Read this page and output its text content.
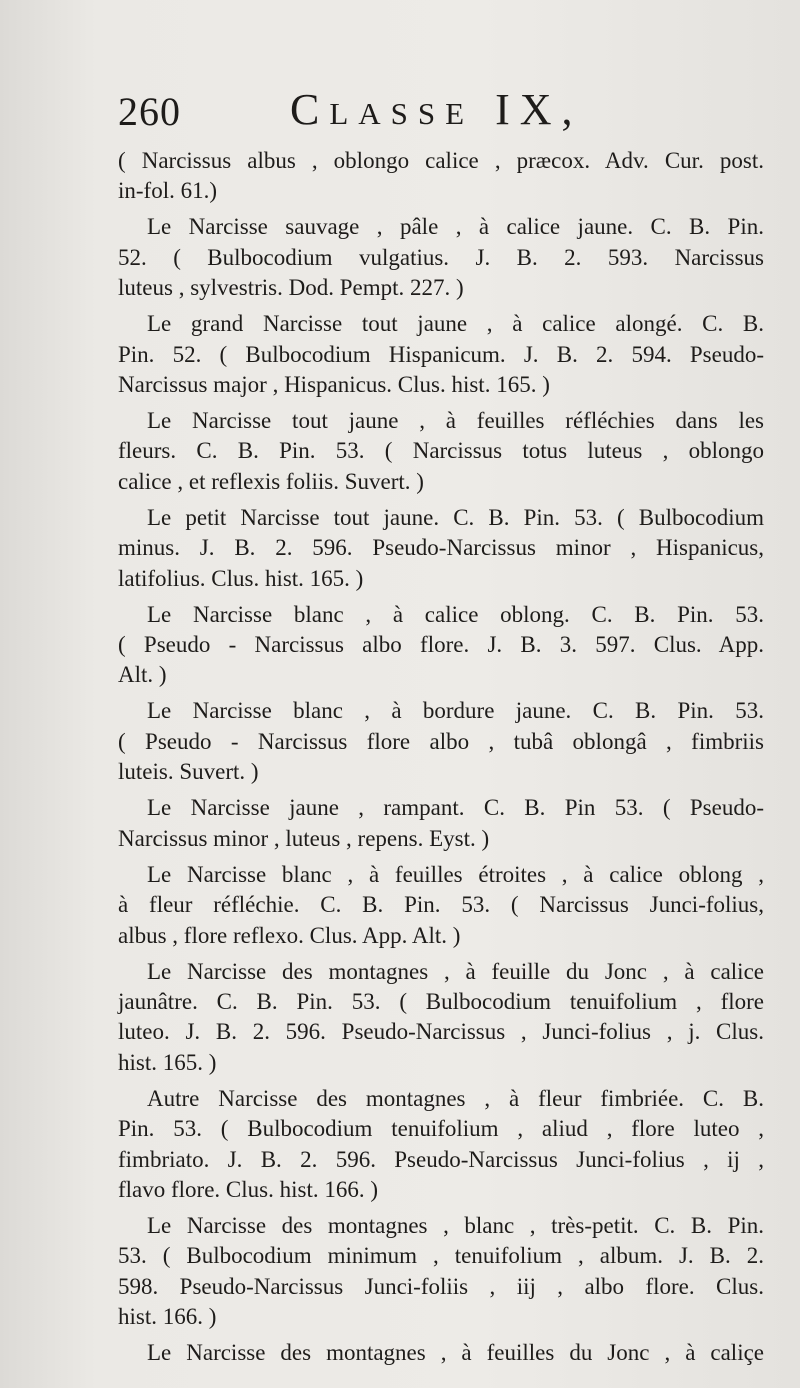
260 Classe IX,
( Narcissus albus , oblongo calice , præcox. Adv. Cur. post.
in-fol. 61.)
Le Narcisse sauvage , pâle , à calice jaune. C. B. Pin.
52. ( Bulbocodium vulgatius. J. B. 2. 593. Narcissus
luteus , sylvestris. Dod. Pempt. 227. )
Le grand Narcisse tout jaune , à calice alongé. C. B.
Pin. 52. ( Bulbocodium Hispanicum. J. B. 2. 594. Pseudo-
Narcissus major , Hispanicus. Clus. hist. 165. )
Le Narcisse tout jaune , à feuilles réfléchies dans les
fleurs. C. B. Pin. 53. ( Narcissus totus luteus , oblongo
calice , et reflexis foliis. Suvert. )
Le petit Narcisse tout jaune. C. B. Pin. 53. ( Bulbocodium
minus. J. B. 2. 596. Pseudo-Narcissus minor , Hispanicus,
latifolius. Clus. hist. 165. )
Le Narcisse blanc , à calice oblong. C. B. Pin. 53.
( Pseudo - Narcissus albo flore. J. B. 3. 597. Clus. App.
Alt. )
Le Narcisse blanc , à bordure jaune. C. B. Pin. 53.
( Pseudo - Narcissus flore albo , tubâ oblongâ , fimbriis
luteis. Suvert. )
Le Narcisse jaune , rampant. C. B. Pin 53. ( Pseudo-
Narcissus minor , luteus , repens. Eyst. )
Le Narcisse blanc , à feuilles étroites , à calice oblong ,
à fleur réfléchie. C. B. Pin. 53. ( Narcissus Junci-folius,
albus , flore reflexo. Clus. App. Alt. )
Le Narcisse des montagnes , à feuille du Jonc , à calice
jaunâtre. C. B. Pin. 53. ( Bulbocodium tenuifolium , flore
luteo. J. B. 2. 596. Pseudo-Narcissus , Junci-folius , j. Clus.
hist. 165. )
Autre Narcisse des montagnes , à fleur fimbriée. C. B.
Pin. 53. ( Bulbocodium tenuifolium , aliud , flore luteo ,
fimbriato. J. B. 2. 596. Pseudo-Narcissus Junci-folius , ij ,
flavo flore. Clus. hist. 166. )
Le Narcisse des montagnes , blanc , très-petit. C. B. Pin.
53. ( Bulbocodium minimum , tenuifolium , album. J. B. 2.
598. Pseudo-Narcissus Junci-foliis , iij , albo flore. Clus.
hist. 166. )
Le Narcisse des montagnes , à feuilles du Jonc , à caliçe
